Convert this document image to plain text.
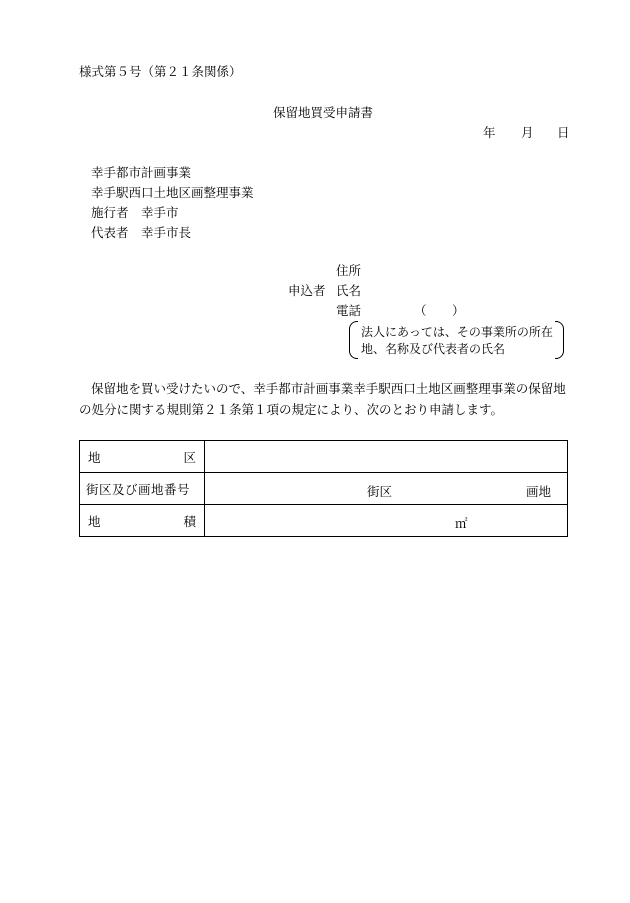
様式第５号（第２１条関係）
保留地買受申請書
年 月 日
幸手都市計画事業
幸手駅西口土地区画整理事業
施行者　幸手市
代表者　幸手市長
住所
申込者 氏名
電話	（ ）
法人にあっては、その事業所の所在
地、名称及び代表者の氏名
保留地を買い受けたいので、幸手都市計画事業幸手駅西口土地区画整理事業の保留地
の処分に関する規則第２１条第１項の規定により、次のとおり申請します。
地 区	

街区及び画地番号	街区 画地

地 積	㎡
